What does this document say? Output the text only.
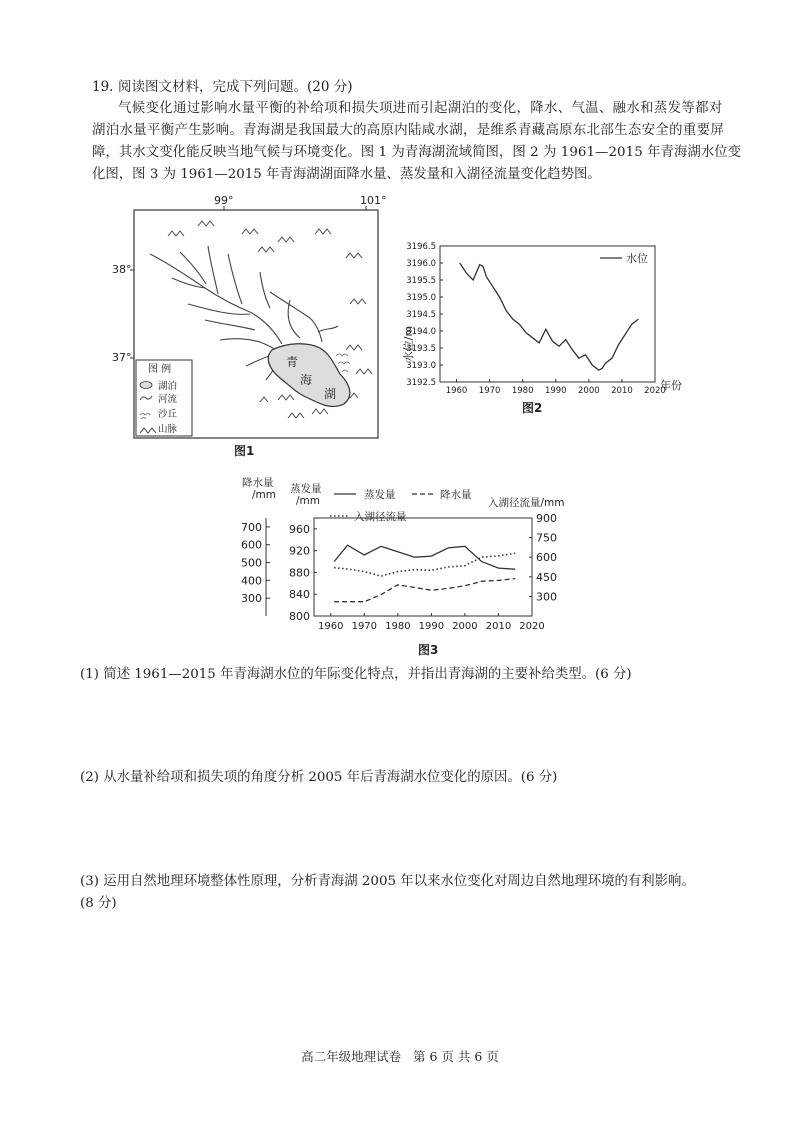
19. 阅读图文材料，完成下列问题。(20 分)
气候变化通过影响水量平衡的补给项和损失项进而引起湖泊的变化，降水、气温、融水和蒸发等都对
湖泊水量平衡产生影响。青海湖是我国最大的高原内陆咸水湖，是维系青藏高原东北部生态安全的重要屏
障，其水文变化能反映当地气候与环境变化。图 1 为青海湖流域简图，图 2 为 1961—2015 年青海湖水位变
化图，图 3 为 1961—2015 年青海湖湖面降水量、蒸发量和入湖径流量变化趋势图。
99°	101°
38°
37°	青
海
湖
图 例
湖泊
河流
沙丘
山脉
图1
水位/m
年份
图2
水位
3192.5
3193.0
3193.5
3194.0
3194.5
3195.0
3195.5
3196.0
3196.5
1960 1970 1980 1990 2000 2010 2020
降水量
/mm 蒸发量
/mm	入湖径流量/mm
蒸发量	降水量
入湖径流量
图3
700
600
500
400
300
960
920
880
840
800
900
750
600
450
300
1960 1970 1980 1990 2000 2010 2020
(1) 简述 1961—2015 年青海湖水位的年际变化特点，并指出青海湖的主要补给类型。(6 分)
(2) 从水量补给项和损失项的角度分析 2005 年后青海湖水位变化的原因。(6 分)
(3) 运用自然地理环境整体性原理，分析青海湖 2005 年以来水位变化对周边自然地理环境的有利影响。
(8 分)
高二年级地理试卷   第 6 页 共 6 页
